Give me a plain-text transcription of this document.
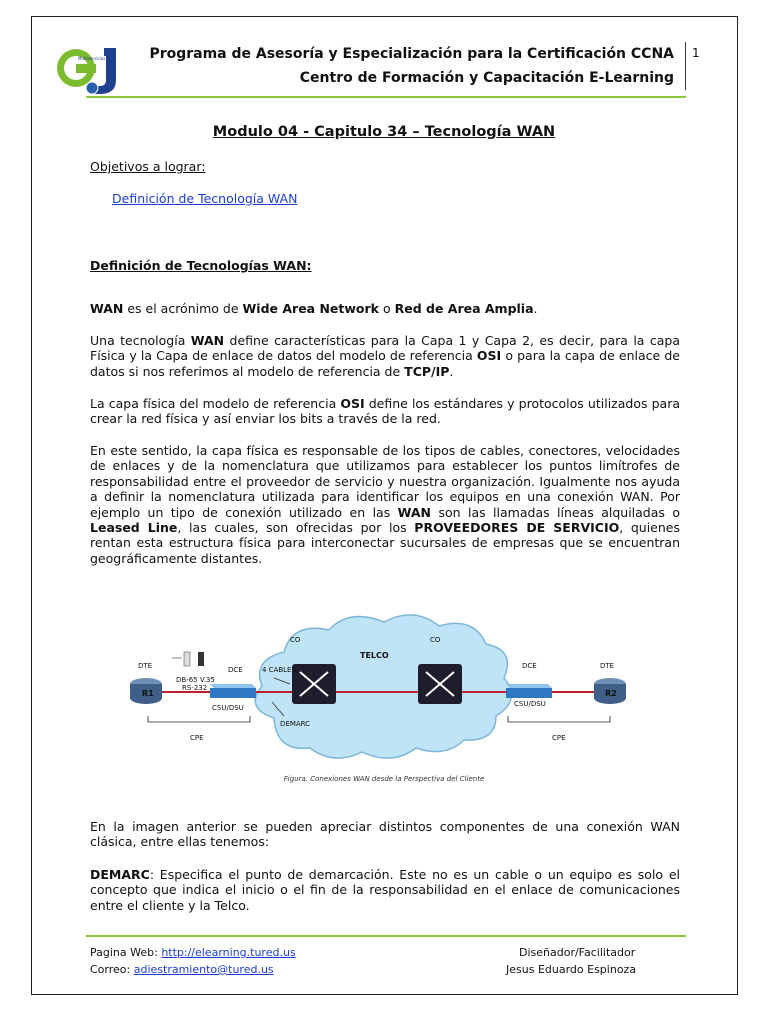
Multiservicios	Programa de Asesoría y Especialización para la Certificación CCNA
Centro de Formación y Capacitación E-Learning
1
Modulo 04 - Capitulo 34 – Tecnología WAN
Objetivos a lograr:
Definición de Tecnología WAN
Definición de Tecnologías WAN:
WAN es el acrónimo de Wide Area Network o Red de Area Amplia.
Una tecnología WAN define características para la Capa 1 y Capa 2, es decir, para la capa Física y la Capa de enlace de datos del modelo de referencia OSI o para la capa de enlace de datos si nos referimos al modelo de referencia de TCP/IP.
La capa física del modelo de referencia OSI define los estándares y protocolos utilizados para crear la red física y así enviar los bits a través de la red.
En este sentido, la capa física es responsable de los tipos de cables, conectores, velocidades de enlaces y de la nomenclatura que utilizamos para establecer los puntos limítrofes de responsabilidad entre el proveedor de servicio y nuestra organización. Igualmente nos ayuda a definir la nomenclatura utilizada para identificar los equipos en una conexión WAN. Por ejemplo un tipo de conexión utilizado en las WAN son las llamadas líneas alquiladas o Leased Line, las cuales, son ofrecidas por los PROVEEDORES DE SERVICIO, quienes rentan esta estructura física para interconectar sucursales de empresas que se encuentran geográficamente distantes.
DTE	DCE
R1
DB-65 V.35
RS-232
4 CABLES
CSU/DSU
DEMARC
CPE
CO
TELCO
CO
DCE	DTE
R2
CSU/DSU
CPE
Figura. Conexiones WAN desde la Perspectiva del Cliente
En la imagen anterior se pueden apreciar distintos componentes de una conexión WAN clásica, entre ellas tenemos:
DEMARC: Especifica el punto de demarcación. Este no es un cable o un equipo es solo el concepto que indica el inicio o el fin de la responsabilidad en el enlace de comunicaciones entre el cliente y la Telco.
Pagina Web: http://elearning.tured.us
Correo: adiestramiento@tured.us
Diseñador/Facilitador
Jesus Eduardo Espinoza
